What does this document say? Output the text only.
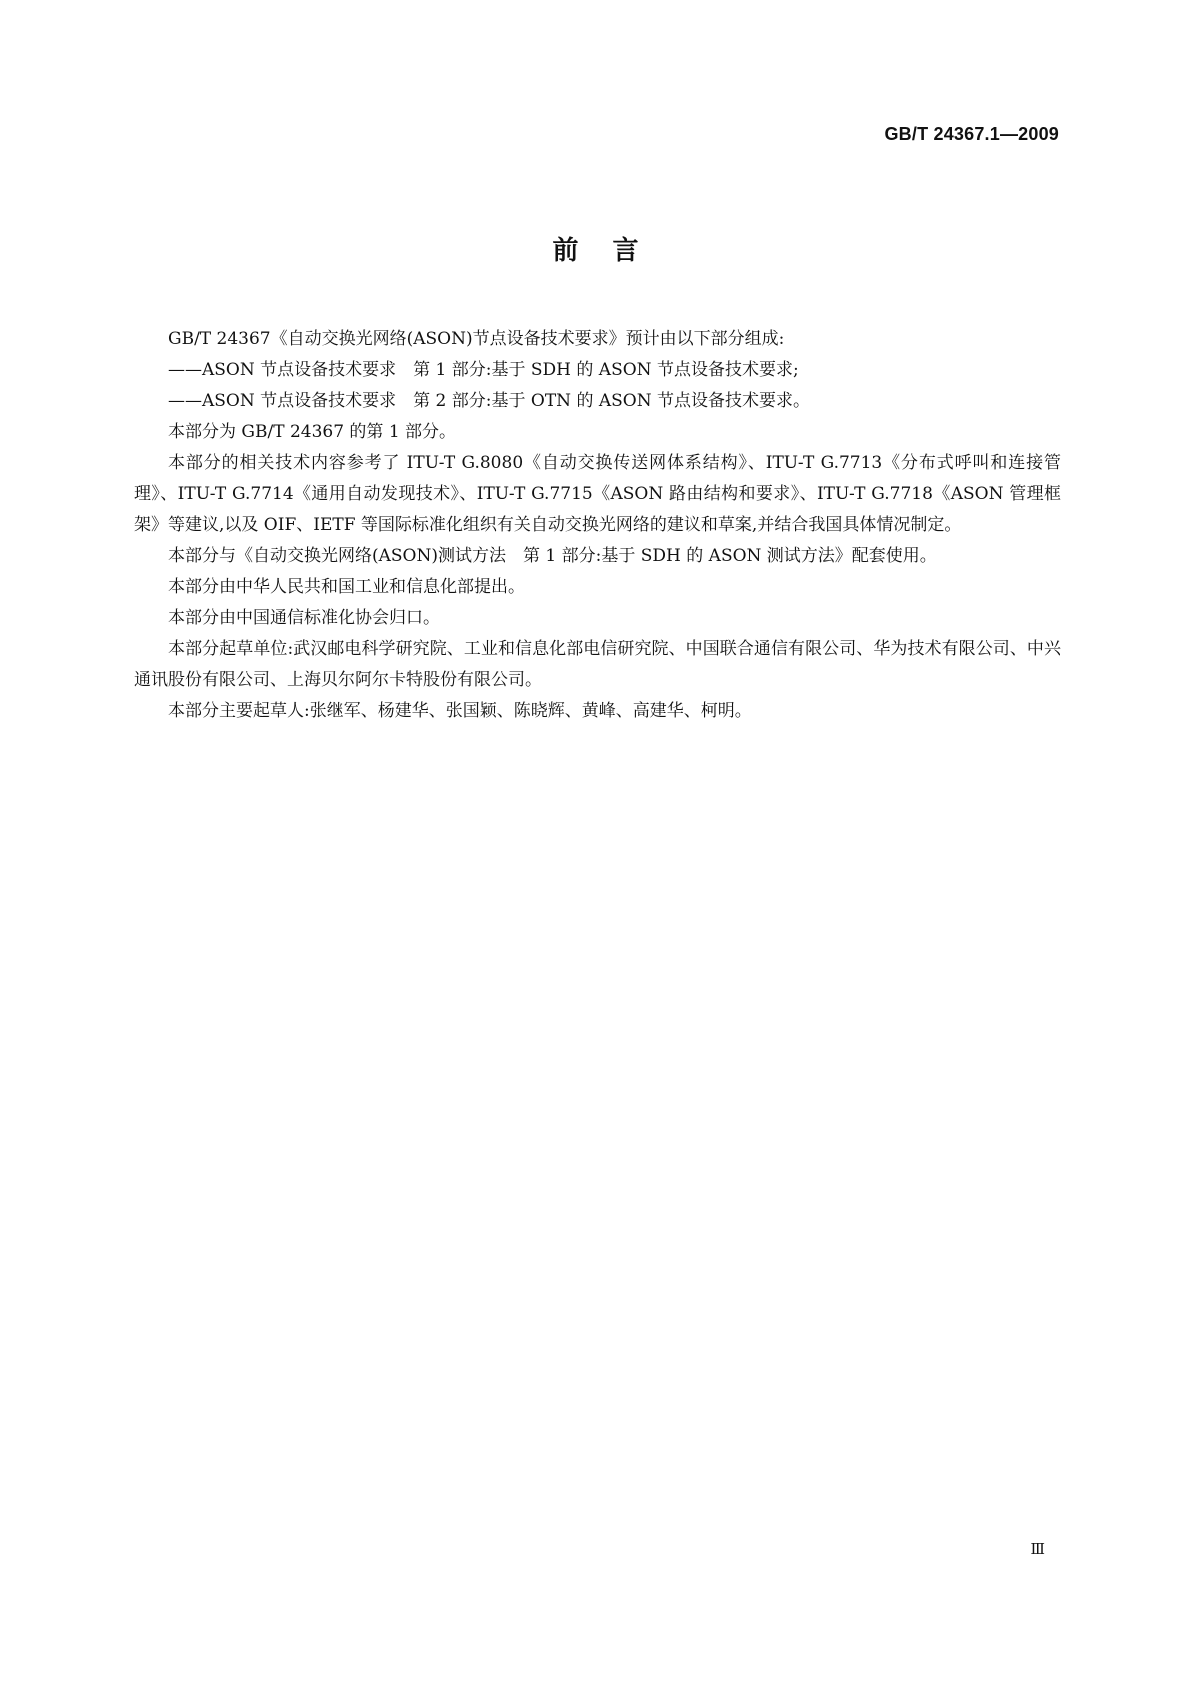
GB/T 24367.1—2009
前言

GB/T 24367《自动交换光网络(ASON)节点设备技术要求》预计由以下部分组成:

——ASON 节点设备技术要求 第 1 部分:基于 SDH 的 ASON 节点设备技术要求;

——ASON 节点设备技术要求 第 2 部分:基于 OTN 的 ASON 节点设备技术要求。

本部分为 GB/T 24367 的第 1 部分。

本部分的相关技术内容参考了 ITU-T G.8080《自动交换传送网体系结构》、ITU-T G.7713《分布式呼叫和连接管理》、ITU-T G.7714《通用自动发现技术》、ITU-T G.7715《ASON 路由结构和要求》、ITU-T G.7718《ASON 管理框架》等建议,以及 OIF、IETF 等国际标准化组织有关自动交换光网络的建议和草案,并结合我国具体情况制定。

本部分与《自动交换光网络(ASON)测试方法 第 1 部分:基于 SDH 的 ASON 测试方法》配套使用。

本部分由中华人民共和国工业和信息化部提出。

本部分由中国通信标准化协会归口。

本部分起草单位:武汉邮电科学研究院、工业和信息化部电信研究院、中国联合通信有限公司、华为技术有限公司、中兴通讯股份有限公司、上海贝尔阿尔卡特股份有限公司。

本部分主要起草人:张继军、杨建华、张国颖、陈晓辉、黄峰、高建华、柯明。

Ⅲ
